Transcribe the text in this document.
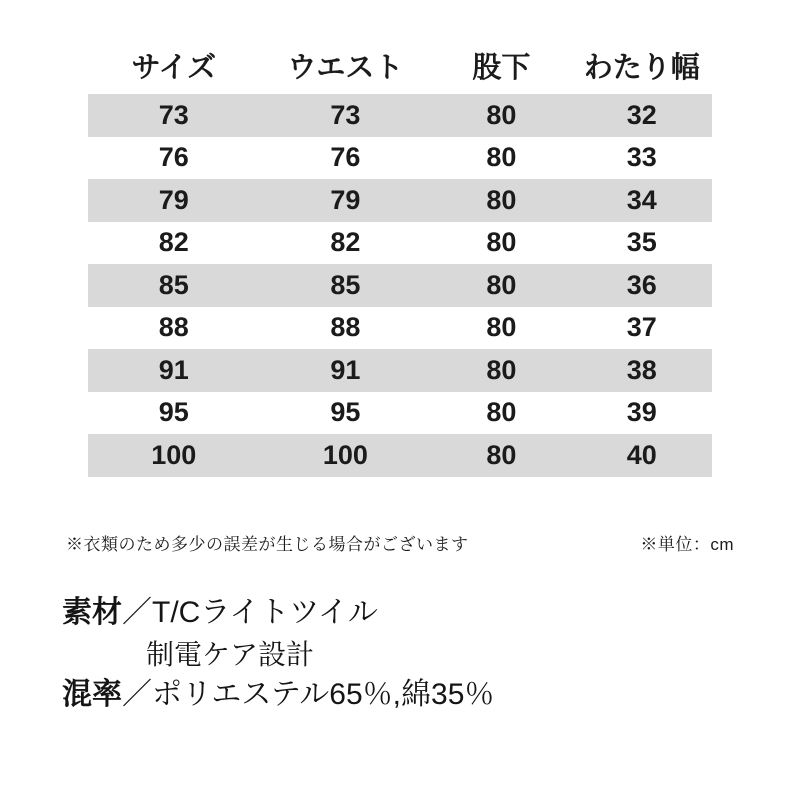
サイズ	ウエスト	股下	わたり幅
73	73	80	32
76	76	80	33
79	79	80	34
82	82	80	35
85	85	80	36
88	88	80	37
91	91	80	38
95	95	80	39
100	100	80	40
※衣類のため多少の誤差が生じる場合がございます	※単位：cm
素材／T/Cライトツイル
制電ケア設計
混率／ポリエステル65％,綿35％
